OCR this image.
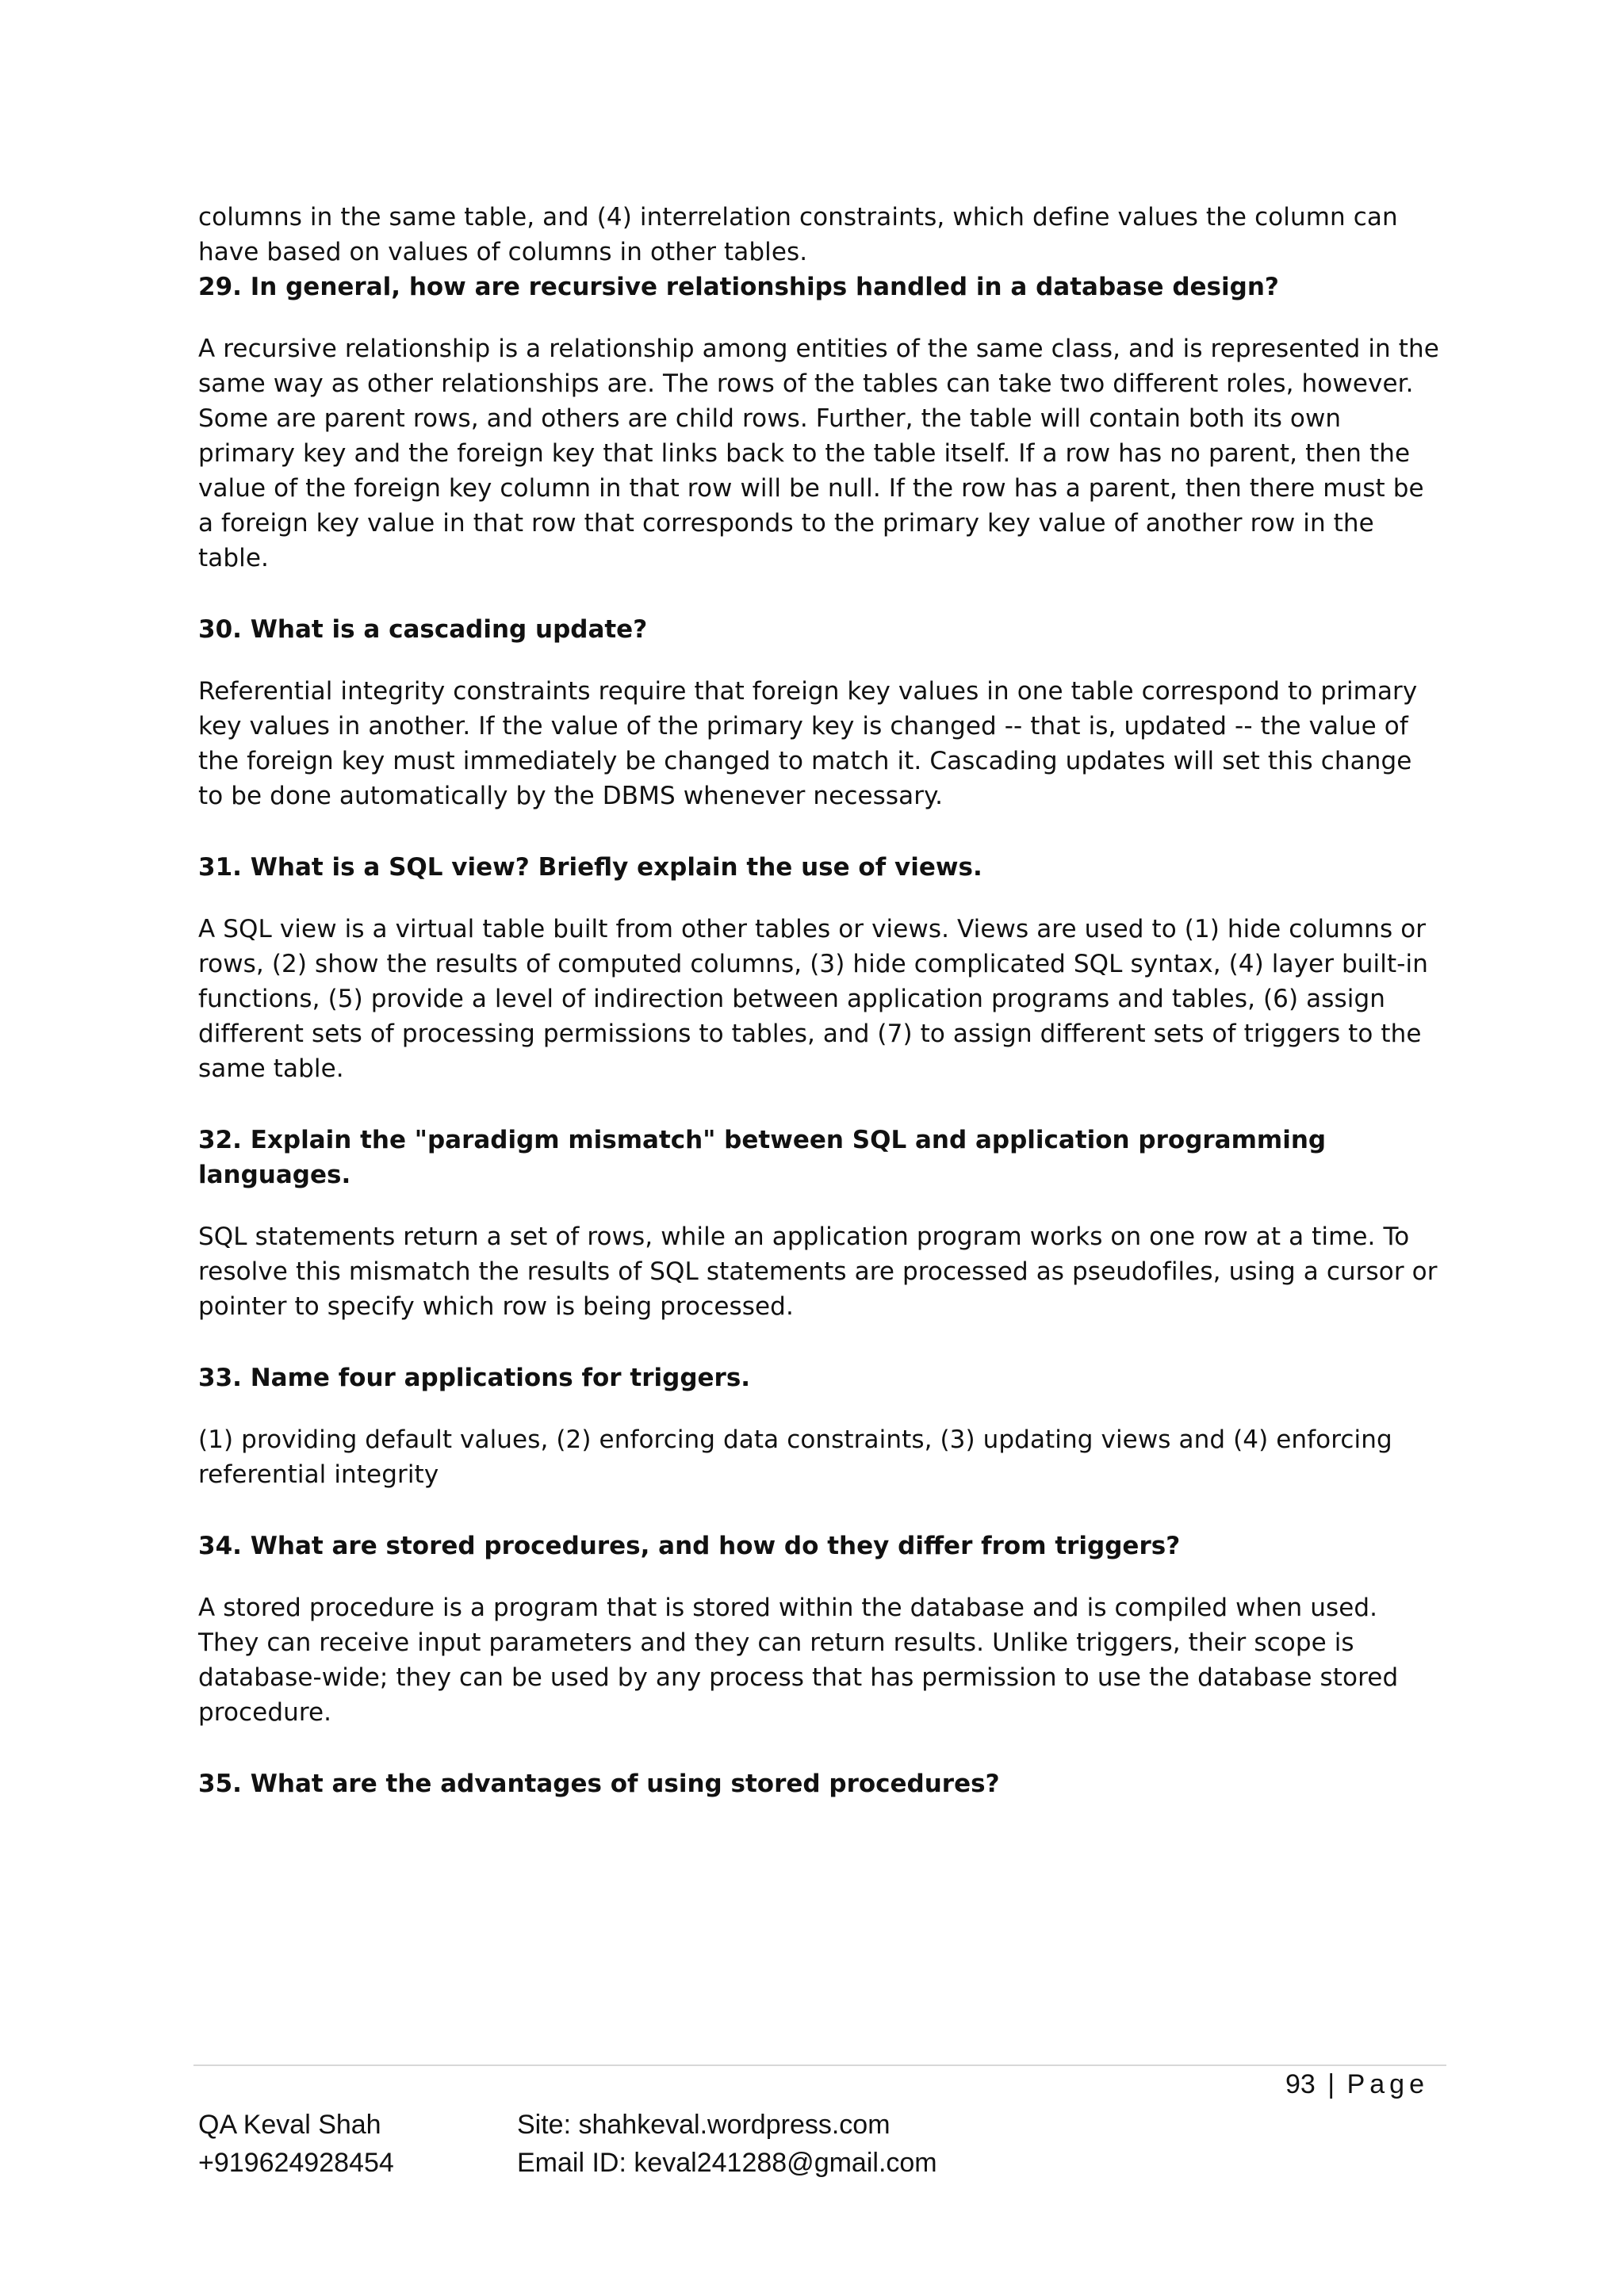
columns in the same table, and (4) interrelation constraints, which define values the column can have based on values of columns in other tables.

29. In general, how are recursive relationships handled in a database design?

A recursive relationship is a relationship among entities of the same class, and is represented in the same way as other relationships are. The rows of the tables can take two different roles, however. Some are parent rows, and others are child rows. Further, the table will contain both its own primary key and the foreign key that links back to the table itself. If a row has no parent, then the value of the foreign key column in that row will be null. If the row has a parent, then there must be a foreign key value in that row that corresponds to the primary key value of another row in the table.

30. What is a cascading update?

Referential integrity constraints require that foreign key values in one table correspond to primary key values in another. If the value of the primary key is changed -- that is, updated -- the value of the foreign key must immediately be changed to match it. Cascading updates will set this change to be done automatically by the DBMS whenever necessary.

31. What is a SQL view? Briefly explain the use of views.

A SQL view is a virtual table built from other tables or views. Views are used to (1) hide columns or rows, (2) show the results of computed columns, (3) hide complicated SQL syntax, (4) layer built-in functions, (5) provide a level of indirection between application programs and tables, (6) assign different sets of processing permissions to tables, and (7) to assign different sets of triggers to the same table.

32. Explain the "paradigm mismatch" between SQL and application programming languages.

SQL statements return a set of rows, while an application program works on one row at a time. To resolve this mismatch the results of SQL statements are processed as pseudofiles, using a cursor or pointer to specify which row is being processed.

33. Name four applications for triggers.

(1) providing default values, (2) enforcing data constraints, (3) updating views and (4) enforcing referential integrity

34. What are stored procedures, and how do they differ from triggers?

A stored procedure is a program that is stored within the database and is compiled when used. They can receive input parameters and they can return results. Unlike triggers, their scope is database-wide; they can be used by any process that has permission to use the database stored procedure.

35. What are the advantages of using stored procedures?

93 | Page
QA Keval Shah
+919624928454
Site: shahkeval.wordpress.com
Email ID: keval241288@gmail.com
